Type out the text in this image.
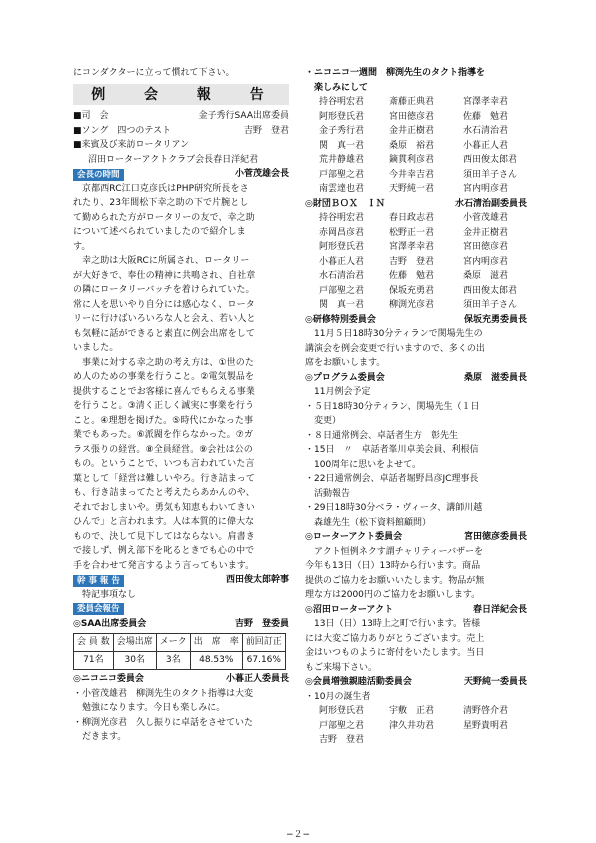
にコンダクターに立って慣れて下さい。
例 会 報 告
■司　会	金子秀行SAA出席委員
■ソング　四つのテスト	吉野　登君
■来賓及び来訪ロータリアン
沼田ローターアクトクラブ会長春日洋紀君
会長の時間	小菅茂雄会長
京都西RC江口克彦氏はPHP研究所長をさ
れたり、23年間松下幸之助の下で片腕とし
て勤められた方がロータリーの友で、幸之助
について述べられていましたので紹介しま
す。
幸之助は大阪RCに所属され、ロータリー
が大好きで、奉仕の精神に共鳴され、自社章
の隣にロータリーバッチを着けられていた。
常に人を思いやり自分には感心なく、ロータ
リーに行けばいろいろな人と会え、若い人と
も気軽に話ができると素直に例会出席をして
いました。
事業に対する幸之助の考え方は、①世のた
め人のための事業を行うこと。②電気製品を
提供することでお客様に喜んでもらえる事業
を行うこと。③清く正しく誠実に事業を行う
こと。④理想を掲げた。⑤時代にかなった事
業でもあった。⑥派閥を作らなかった。⑦ガ
ラス張りの経営。⑧全員経営。⑨会社は公の
もの。ということで、いつも言われていた言
葉として「経営は難しいやろ。行き詰まって
も、行き詰まってたと考えたらあかんのや、
それでおしまいや。勇気も知恵もわいてきい
ひんで」と言われます。人は本質的に偉大な
もので、決して見下してはならない。肩書き
で接しず、例え部下を叱るときでも心の中で
手を合わせて発言するよう言ってもいます。
幹 事 報 告	西田俊太郎幹事
特記事項なし
委員会報告
◎SAA出席委員会	吉野　登委員
会 員 数	会場出席	メーク	出　席　率	前回訂正
71名	30名	3名	48.53%	67.16%
◎ニコニコ委員会	小暮正人委員長
・小菅茂雄君　柳渕先生のタクト指導は大変
勉強になります。今日も楽しみに。
・柳渕光彦君　久し振りに卓話をさせていた
だきます。
・ニコニコ一週間　柳渕先生のタクト指導を
楽しみにして
持谷明宏君	斎藤正典君	宮澤孝幸君
阿形登氏君	宮田徳彦君	佐藤　勉君
金子秀行君	金井正樹君	水石清治君
関　真一君	桑原　裕君	小暮正人君
荒井静雄君	鏑貫利彦君	西田俊太郎君
戸部聖之君	今井幸吉君	須田羊子さん
南雲達也君	天野純一君	宮内明彦君
◎財団ＢＯＸ　ＩＮ	水石清治副委員長
持谷明宏君	春日政志君	小菅茂雄君
赤岡昌彦君	松野正一君	金井正樹君
阿形登氏君	宮澤孝幸君	宮田徳彦君
小暮正人君	吉野　登君	宮内明彦君
水石清治君	佐藤　勉君	桑原　滋君
戸部聖之君	保坂充勇君	西田俊太郎君
関　真一君	柳渕光彦君	須田羊子さん
◎研修特別委員会	保坂充勇委員長
11月５日18時30分ティランで関場先生の
講演会を例会変更で行いますので、多くの出
席をお願いします。
◎プログラム委員会	桑原　滋委員長
11月例会予定
・５日18時30分ティラン、関場先生（１日
変更）
・８日通常例会、卓話者生方　彰先生
・15日　〃　卓話者峯川卓美会員、利根信
100周年に思いをよせて。
・22日通常例会、卓話者堀野昌彦JC理事長
活動報告
・29日18時30分ベラ・ヴィータ、講師川越
森雄先生（松下資料館顧問）
◎ローターアクト委員会	宮田徳彦委員長
アクト恒例ネクす謂チャリティーバザーを
今年も13日（日）13時から行います。商品
提供のご協力をお願いいたします。物品が無
理な方は2000円のご協力をお願いします。
◎沼田ローターアクト	春日洋紀会長
13日（日）13時上之町で行います。皆様
には大変ご協力ありがとうございます。売上
金はいつものように寄付をいたします。当日
もご来場下さい。
◎会員増強親睦活動委員会	天野純一委員長
・10月の誕生者
阿形登氏君	宇敷　正君	清野啓介君
戸部聖之君	津久井功君	星野貴明君
吉野　登君
−２−
